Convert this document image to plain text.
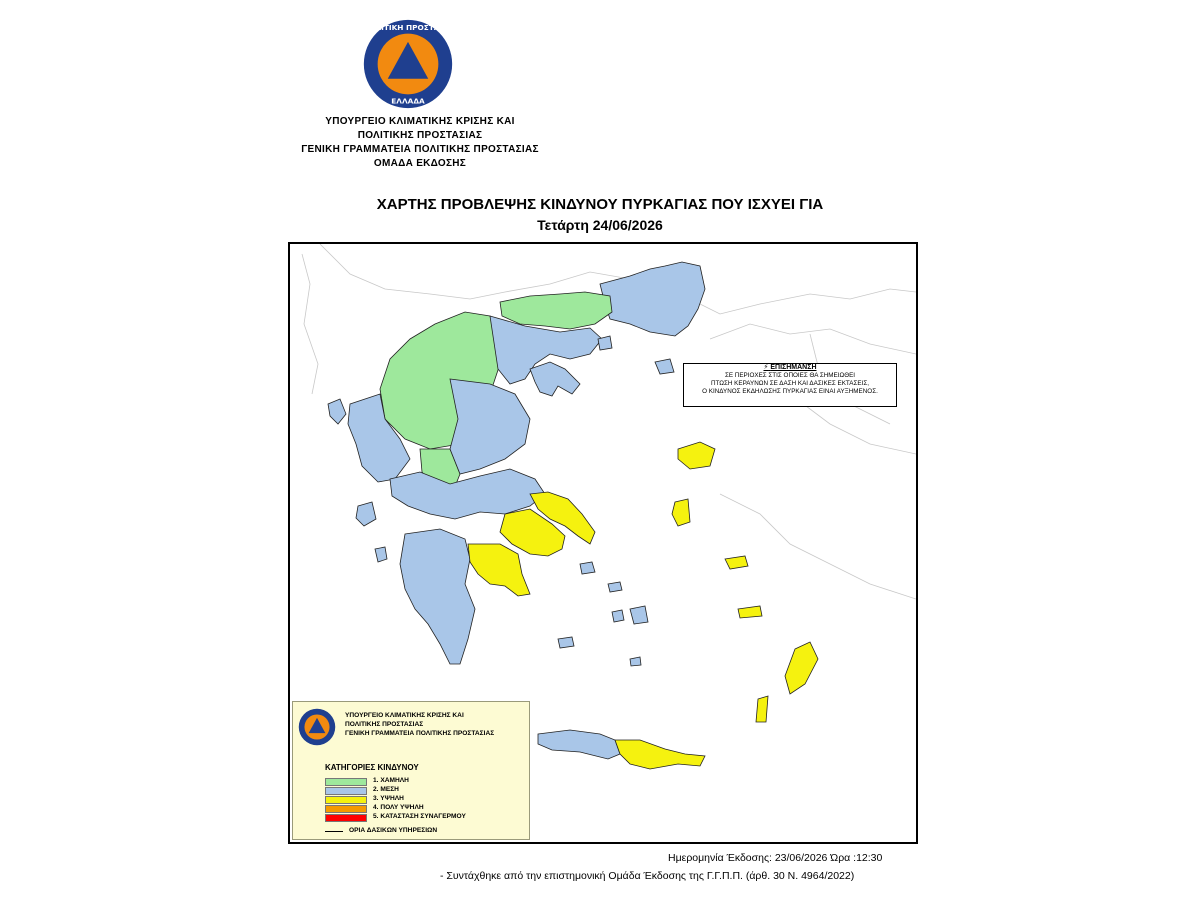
ΠΟΛΙΤΙΚΗ ΠΡΟΣΤΑΣΙΑ
ΕΛΛΑΔΑ
ΥΠΟΥΡΓΕΙΟ ΚΛΙΜΑΤΙΚΗΣ ΚΡΙΣΗΣ ΚΑΙ
ΠΟΛΙΤΙΚΗΣ ΠΡΟΣΤΑΣΙΑΣ
ΓΕΝΙΚΗ ΓΡΑΜΜΑΤΕΙΑ ΠΟΛΙΤΙΚΗΣ ΠΡΟΣΤΑΣΙΑΣ
ΟΜΑΔΑ ΕΚΔΟΣΗΣ
ΧΑΡΤΗΣ ΠΡΟΒΛΕΨΗΣ ΚΙΝΔΥΝΟΥ ΠΥΡΚΑΓΙΑΣ ΠΟΥ ΙΣΧΥΕΙ ΓΙΑ
Τετάρτη 24/06/2026
⚡ ΕΠΙΣΗΜΑΝΣΗ
ΣΕ ΠΕΡΙΟΧΕΣ ΣΤΙΣ ΟΠΟΙΕΣ ΘΑ ΣΗΜΕΙΩΘΕΙ
ΠΤΩΣΗ ΚΕΡΑΥΝΩΝ ΣΕ ΔΑΣΗ ΚΑΙ ΔΑΣΙΚΕΣ ΕΚΤΑΣΕΙΣ,
Ο ΚΙΝΔΥΝΟΣ ΕΚΔΗΛΩΣΗΣ ΠΥΡΚΑΓΙΑΣ ΕΙΝΑΙ ΑΥΞΗΜΕΝΟΣ.
ΥΠΟΥΡΓΕΙΟ ΚΛΙΜΑΤΙΚΗΣ ΚΡΙΣΗΣ ΚΑΙ
ΠΟΛΙΤΙΚΗΣ ΠΡΟΣΤΑΣΙΑΣ
ΓΕΝΙΚΗ ΓΡΑΜΜΑΤΕΙΑ ΠΟΛΙΤΙΚΗΣ ΠΡΟΣΤΑΣΙΑΣ
ΚΑΤΗΓΟΡΙΕΣ ΚΙΝΔΥΝΟΥ
1. ΧΑΜΗΛΗ
2. ΜΕΣΗ
3. ΥΨΗΛΗ
4. ΠΟΛΥ ΥΨΗΛΗ
5. ΚΑΤΑΣΤΑΣΗ ΣΥΝΑΓΕΡΜΟΥ
ΟΡΙΑ ΔΑΣΙΚΩΝ ΥΠΗΡΕΣΙΩΝ
Ημερομηνία Έκδοσης: 23/06/2026 Ώρα :12:30
- Συντάχθηκε από την επιστημονική Ομάδα Έκδοσης της Γ.Γ.Π.Π. (άρθ. 30 Ν. 4964/2022)
